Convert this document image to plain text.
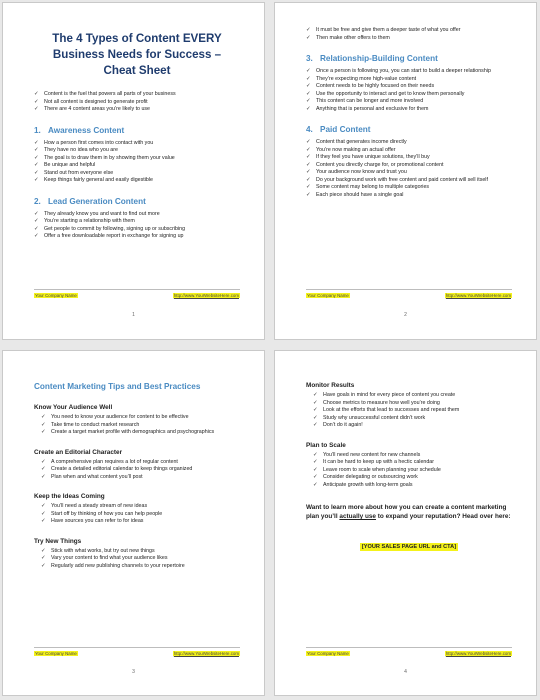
The 4 Types of Content EVERY
Business Needs for Success –
Cheat Sheet
✓ Content is the fuel that powers all parts of your business
✓ Not all content is designed to generate profit
✓ There are 4 content areas you’re likely to use
1. Awareness Content
✓ How a person first comes into contact with you
✓ They have no idea who you are
✓ The goal is to draw them in by showing them your value
✓ Be unique and helpful
✓ Stand out from everyone else
✓ Keep things fairly general and easily digestible
2. Lead Generation Content
✓ They already know you and want to find out more
✓ You’re starting a relationship with them
✓ Get people to commit by following, signing up or subscribing
✓ Offer a free downloadable report in exchange for signing up
Your Company Name	http://www.YourWebsiteHere.com
1
✓ It must be free and give them a deeper taste of what you offer
✓ Then make other offers to them
3. Relationship-Building Content
✓ Once a person is following you, you can start to build a deeper relationship
✓ They’re expecting more high-value content
✓ Content needs to be highly focused on their needs
✓ Use the opportunity to interact and get to know them personally
✓ This content can be longer and more involved
✓ Anything that is personal and exclusive for them
4. Paid Content
✓ Content that generates income directly
✓ You’re now making an actual offer
✓ If they feel you have unique solutions, they’ll buy
✓ Content you directly charge for, or promotional content
✓ Your audience now know and trust you
✓ Do your background work with free content and paid content will sell itself
✓ Some content may belong to multiple categories
✓ Each piece should have a single goal
Your Company Name	http://www.YourWebsiteHere.com
2
Content Marketing Tips and Best Practices
Know Your Audience Well
✓ You need to know your audience for content to be effective
✓ Take time to conduct market research
✓ Create a target market profile with demographics and psychographics
Create an Editorial Character
✓ A comprehensive plan requires a lot of regular content
✓ Create a detailed editorial calendar to keep things organized
✓ Plan when and what content you’ll post
Keep the Ideas Coming
✓ You’ll need a steady stream of new ideas
✓ Start off by thinking of how you can help people
✓ Have sources you can refer to for ideas
Try New Things
✓ Stick with what works, but try out new things
✓ Vary your content to find what your audience likes
✓ Regularly add new publishing channels to your repertoire
Your Company Name	http://www.YourWebsiteHere.com
3
Monitor Results
✓ Have goals in mind for every piece of content you create
✓ Choose metrics to measure how well you’re doing
✓ Look at the efforts that lead to successes and repeat them
✓ Study why unsuccessful content didn’t work
✓ Don’t do it again!
Plan to Scale
✓ You’ll need new content for new channels
✓ It can be hard to keep up with a hectic calendar
✓ Leave room to scale when planning your schedule
✓ Consider delegating or outsourcing work
✓ Anticipate growth with long-term goals
Want to learn more about how you can create a content marketing
plan you’ll actually use to expand your reputation? Head over here:
[YOUR SALES PAGE URL and CTA]
Your Company Name	http://www.YourWebsiteHere.com
4
